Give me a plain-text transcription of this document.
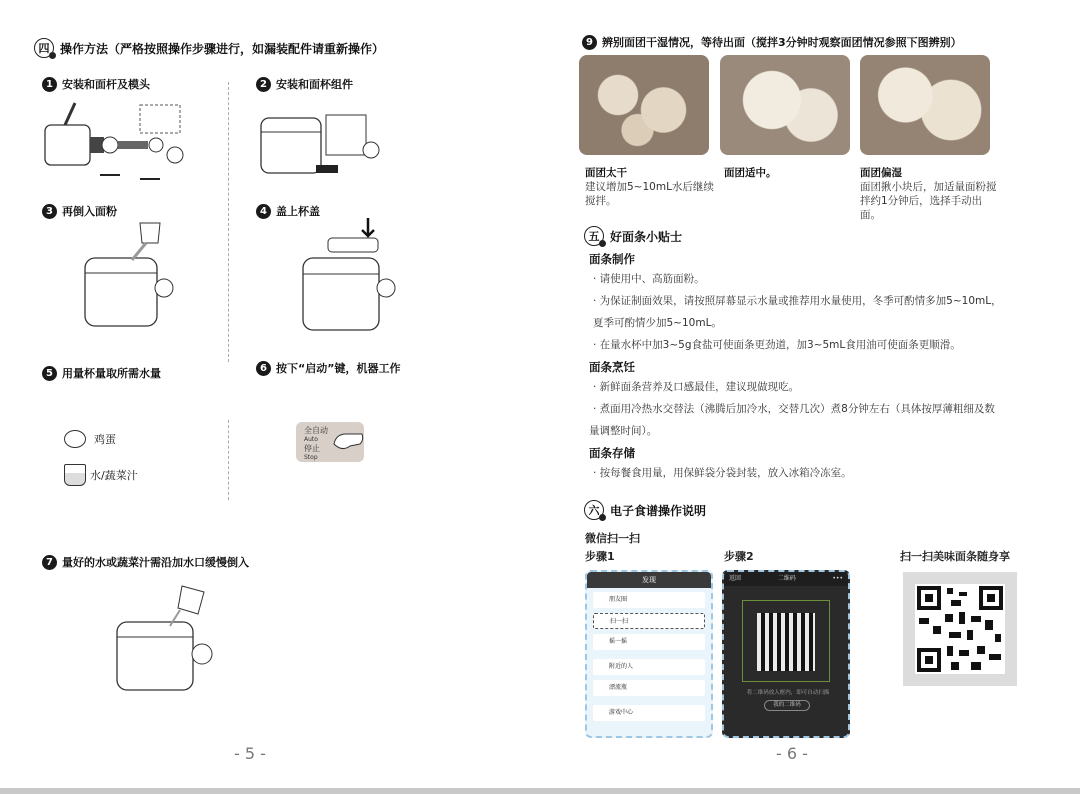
四 操作方法（严格按照操作步骤进行，如漏装配件请重新操作）
1 安装和面杆及模头	2 安装和面杯组件
3 再倒入面粉	4 盖上杯盖
5 用量杯量取所需水量
鸡蛋
水/蔬菜汁
6 按下“启动”键，机器工作
全自动
Auto
停止
Stop
7 量好的水或蔬菜汁需沿加水口缓慢倒入
- 5 -
9 辨别面团干湿情况，等待出面（搅拌3分钟时观察面团情况参照下图辨别）
面团太干
建议增加5~10mL水后继续搅拌。
面团适中。	面团偏湿
面团揪小块后，加适量面粉搅拌约1分钟后，选择手动出面。
五 好面条小贴士
面条制作
· 请使用中、高筋面粉。
· 为保证制面效果，请按照屏幕显示水量或推荐用水量使用，冬季可酌情多加5~10mL，
夏季可酌情少加5~10mL。
· 在量水杯中加3~5g食盐可使面条更劲道，加3~5mL食用油可使面条更顺滑。
面条烹饪
· 新鲜面条营养及口感最佳，建议现做现吃。
· 煮面用冷热水交替法（沸腾后加冷水，交替几次）煮8分钟左右（具体按厚薄粗细及数
量调整时间）。
面条存储
· 按每餐食用量，用保鲜袋分袋封装，放入冰箱冷冻室。
六 电子食谱操作说明
微信扫一扫
步骤1	步骤2	扫一扫美味面条随身享
发现
朋友圈
扫一扫
摇一摇
附近的人
漂流瓶
游戏中心
返回	二维码	•••
将二维码放入框内，即可自动扫描
我的二维码
- 6 -
